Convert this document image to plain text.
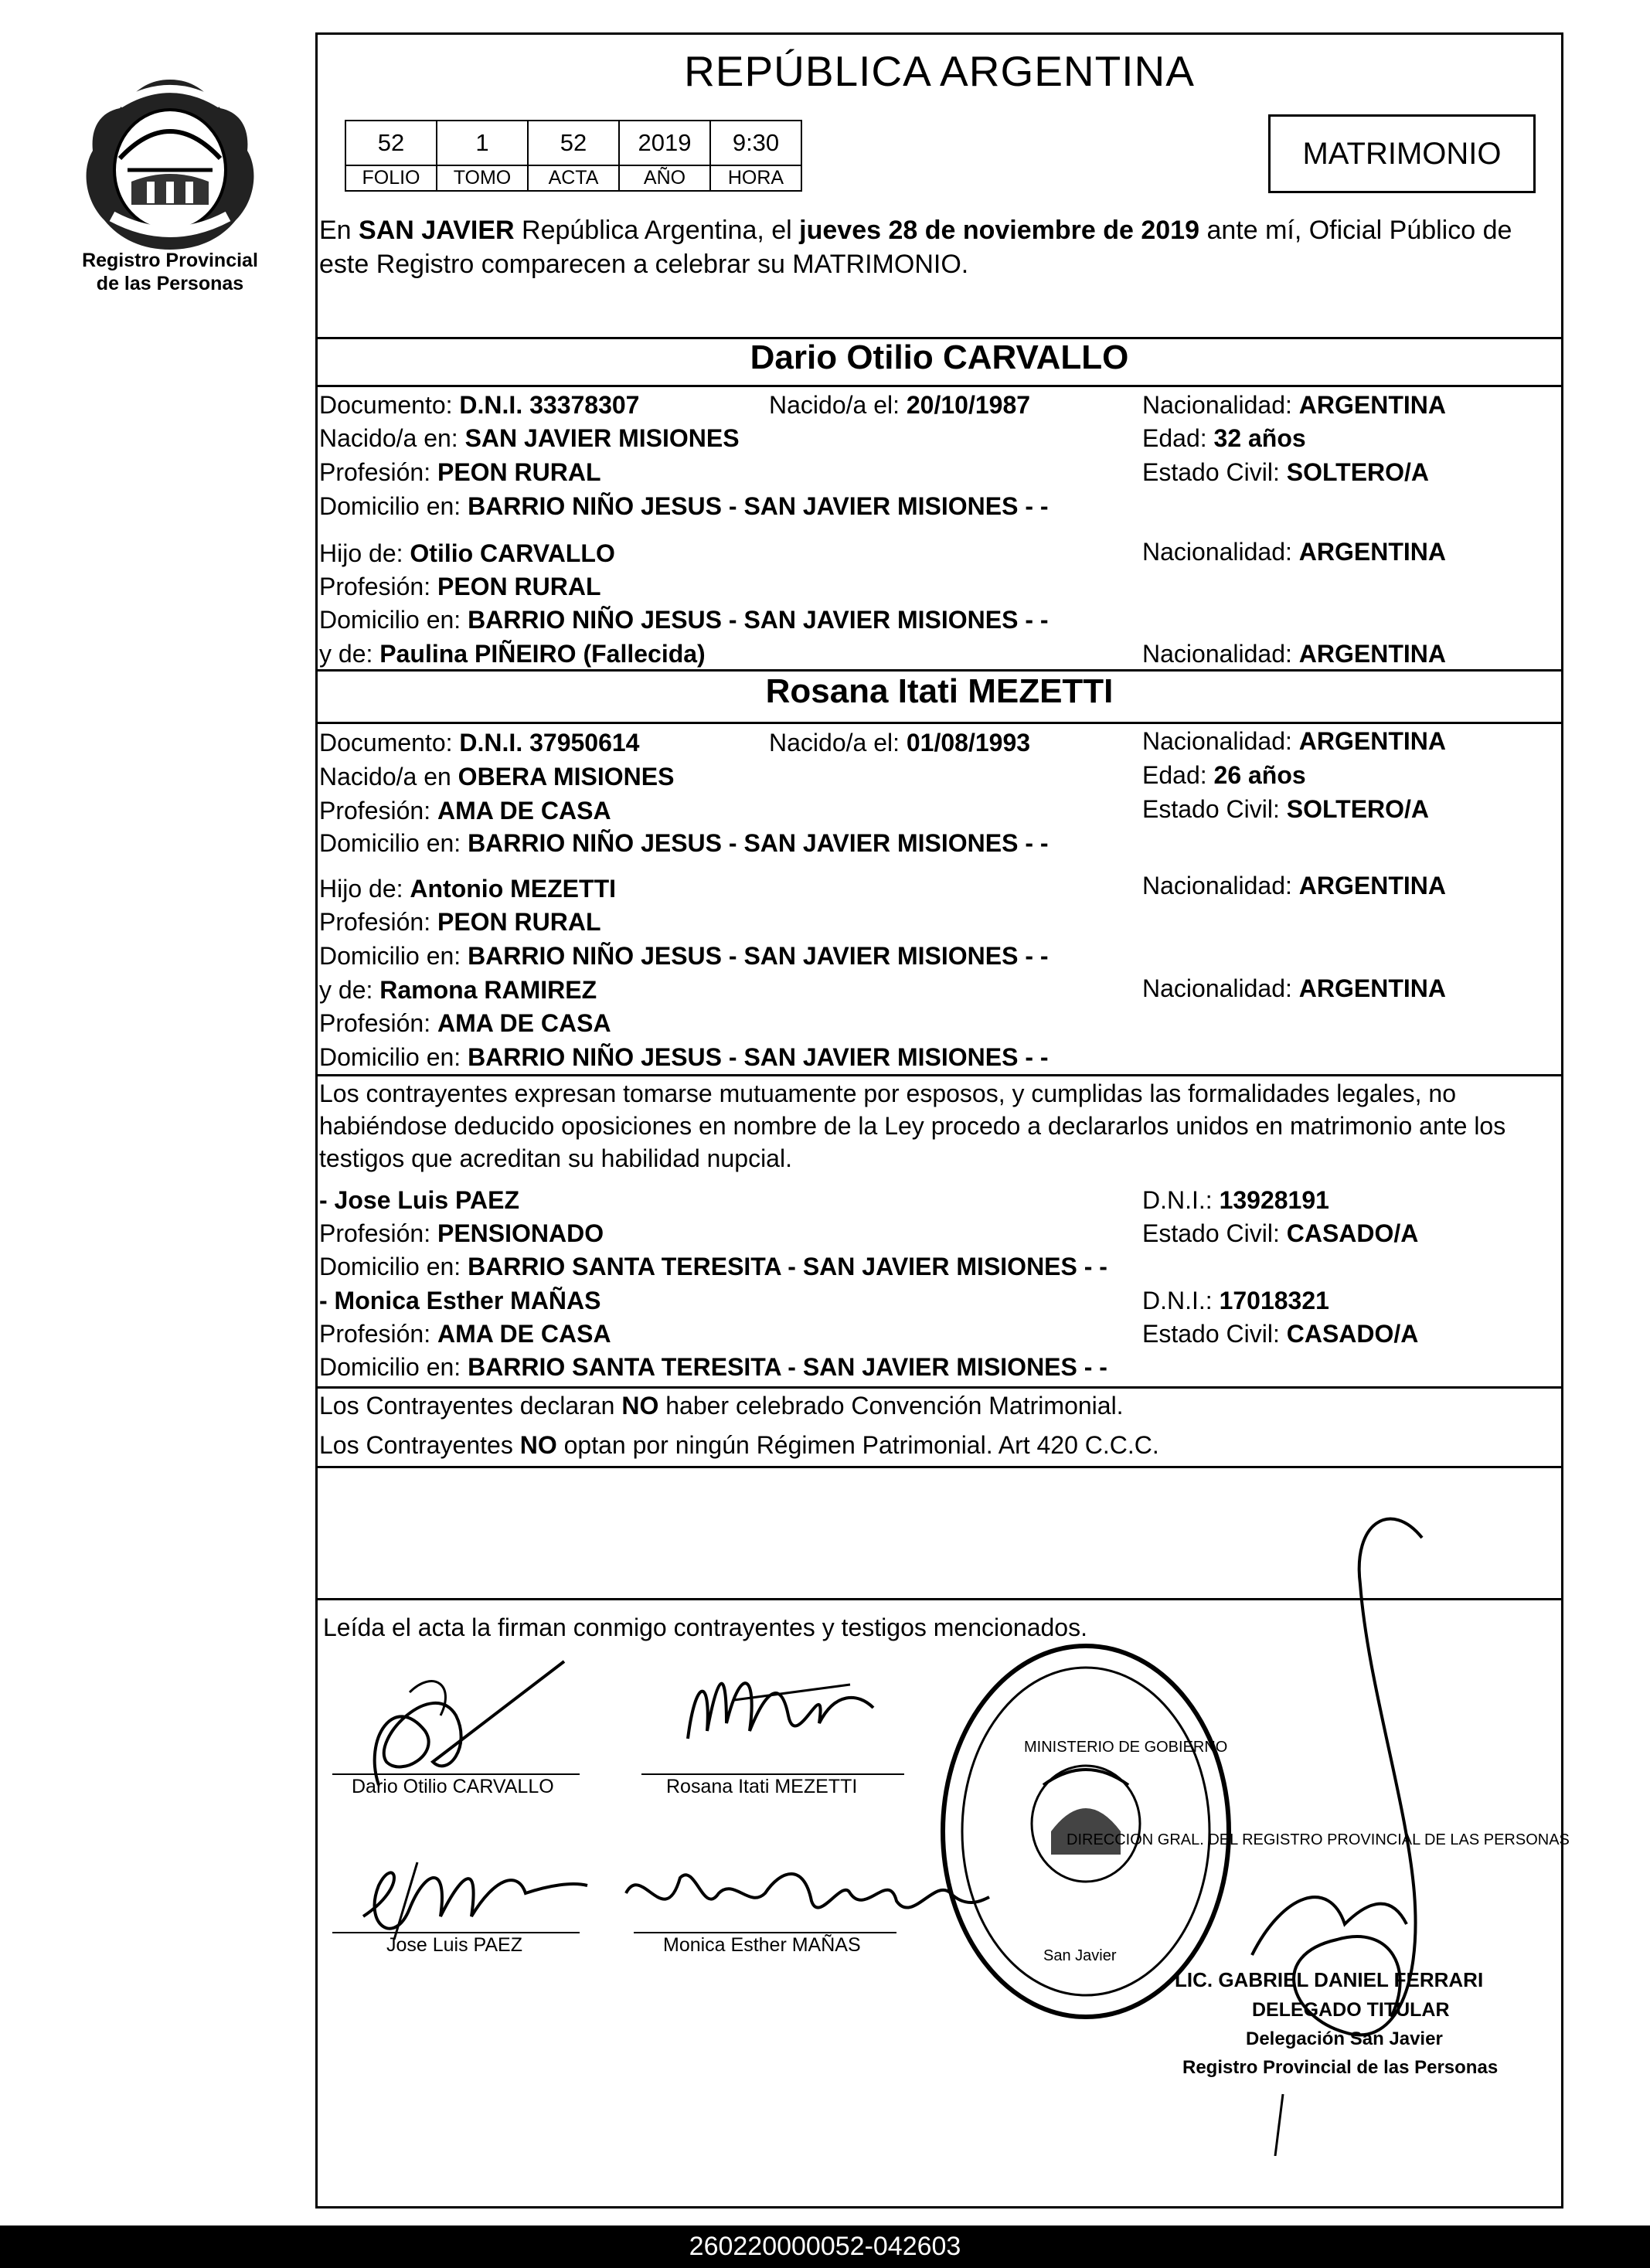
Registro Provincial
de las Personas
REPÚBLICA ARGENTINA
52	1	52	2019	9:30
FOLIO	TOMO	ACTA	AÑO	HORA
MATRIMONIO
En SAN JAVIER República Argentina, el jueves 28 de noviembre de 2019 ante mí, Oficial Público de este Registro comparecen a celebrar su MATRIMONIO.
Dario Otilio CARVALLO
Documento: D.N.I. 33378307	Nacido/a el: 20/10/1987	Nacionalidad: ARGENTINA
Nacido/a en: SAN JAVIER MISIONES	Edad: 32 años
Profesión: PEON RURAL	Estado Civil: SOLTERO/A
Domicilio en: BARRIO NIÑO JESUS - SAN JAVIER MISIONES - -
Hijo de: Otilio CARVALLO	Nacionalidad: ARGENTINA
Profesión: PEON RURAL
Domicilio en: BARRIO NIÑO JESUS - SAN JAVIER MISIONES - -
y de: Paulina PIÑEIRO (Fallecida)	Nacionalidad: ARGENTINA
Rosana Itati MEZETTI
Documento: D.N.I. 37950614	Nacido/a el: 01/08/1993	Nacionalidad: ARGENTINA
Nacido/a en OBERA MISIONES	Edad: 26 años
Profesión: AMA DE CASA	Estado Civil: SOLTERO/A
Domicilio en: BARRIO NIÑO JESUS - SAN JAVIER MISIONES - -
Hijo de: Antonio MEZETTI	Nacionalidad: ARGENTINA
Profesión: PEON RURAL
Domicilio en: BARRIO NIÑO JESUS - SAN JAVIER MISIONES - -
y de: Ramona RAMIREZ	Nacionalidad: ARGENTINA
Profesión: AMA DE CASA
Domicilio en: BARRIO NIÑO JESUS - SAN JAVIER MISIONES - -
Los contrayentes expresan tomarse mutuamente por esposos, y cumplidas las formalidades legales, no habiéndose deducido oposiciones en nombre de la Ley procedo a declararlos unidos en matrimonio ante los testigos que acreditan su habilidad nupcial.
- Jose Luis PAEZ	D.N.I.: 13928191
Profesión: PENSIONADO	Estado Civil: CASADO/A
Domicilio en: BARRIO SANTA TERESITA - SAN JAVIER MISIONES - -
- Monica Esther MAÑAS	D.N.I.: 17018321
Profesión: AMA DE CASA	Estado Civil: CASADO/A
Domicilio en: BARRIO SANTA TERESITA - SAN JAVIER MISIONES - -
Los Contrayentes declaran NO haber celebrado Convención Matrimonial.
Los Contrayentes NO optan por ningún Régimen Patrimonial. Art 420 C.C.C.
Leída el acta la firman conmigo contrayentes y testigos mencionados.
Dario Otilio CARVALLO	Rosana Itati MEZETTI
Jose Luis PAEZ	Monica Esther MAÑAS
DIRECCION GRAL. DEL REGISTRO PROVINCIAL DE LAS PERSONAS
MINISTERIO DE GOBIERNO
San Javier
LIC. GABRIEL DANIEL FERRARI
DELEGADO TITULAR
Delegación San Javier
Registro Provincial de las Personas
260220000052-042603
